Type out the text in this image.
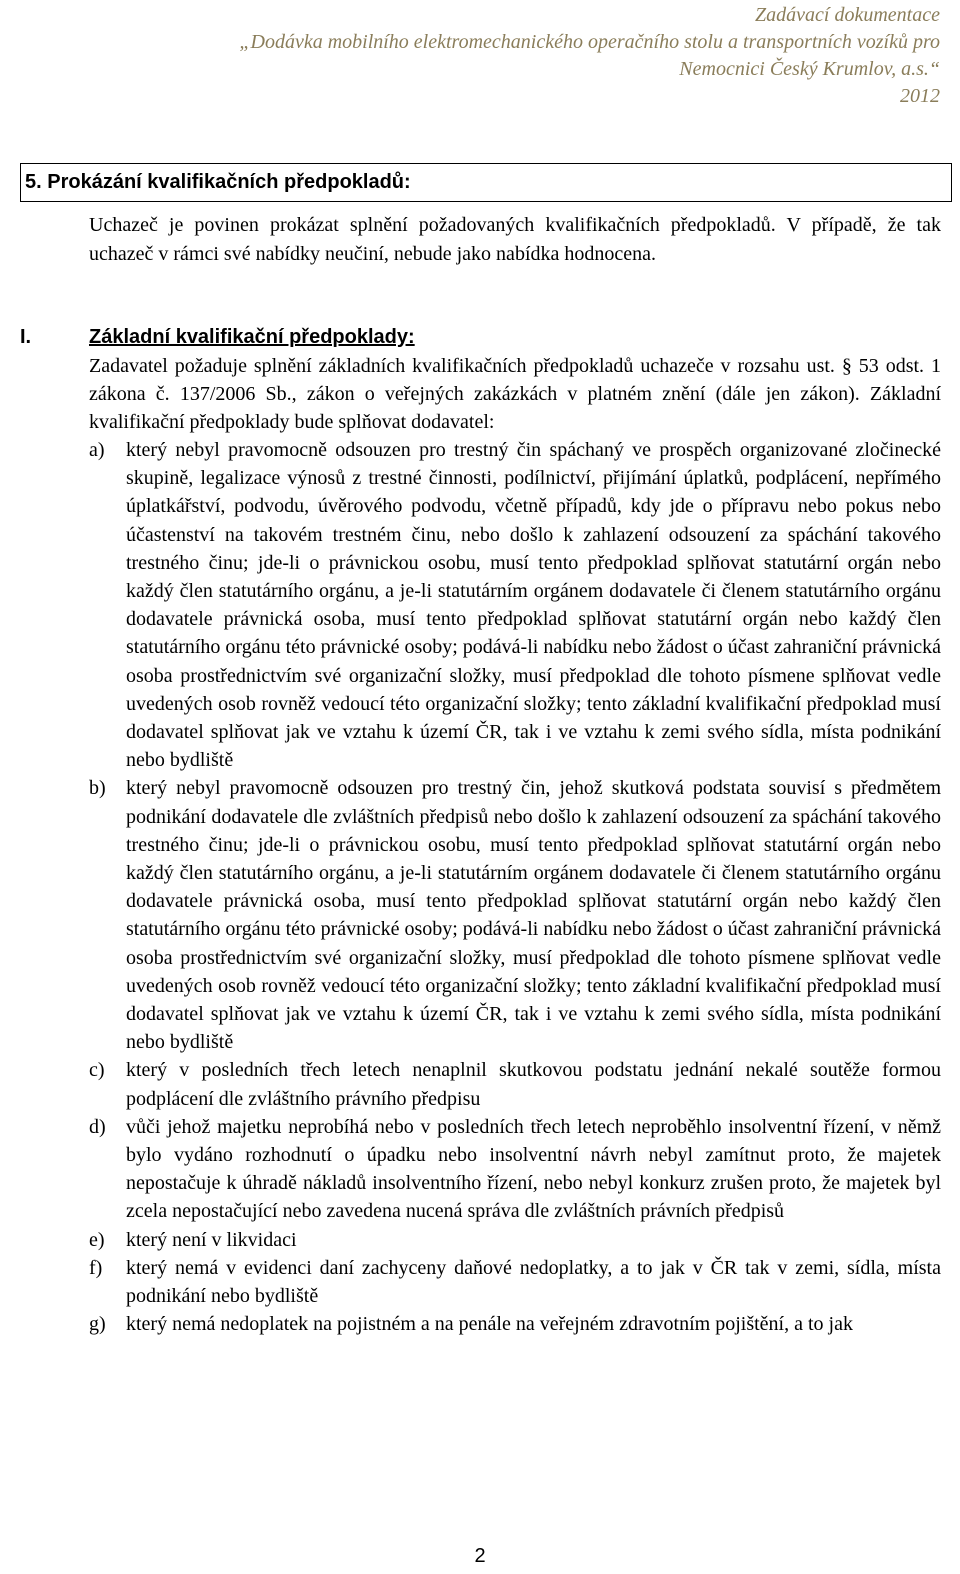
Zadávací dokumentace
„Dodávka mobilního elektromechanického operačního stolu a transportních vozíků pro Nemocnici Český Krumlov, a.s.“
2012
5. Prokázání kvalifikačních předpokladů:
Uchazeč je povinen prokázat splnění požadovaných kvalifikačních předpokladů. V případě, že tak uchazeč v rámci své nabídky neučiní, nebude jako nabídka hodnocena.
I.	Základní kvalifikační předpoklady:
Zadavatel požaduje splnění základních kvalifikačních předpokladů uchazeče v rozsahu ust. § 53 odst. 1 zákona č. 137/2006 Sb., zákon o veřejných zakázkách v platném znění (dále jen zákon). Základní kvalifikační předpoklady bude splňovat dodavatel:
a)	který nebyl pravomocně odsouzen pro trestný čin spáchaný ve prospěch organizované zločinecké skupině, legalizace výnosů z trestné činnosti, podílnictví, přijímání úplatků, podplácení, nepřímého úplatkářství, podvodu, úvěrového podvodu, včetně případů, kdy jde o přípravu nebo pokus nebo účastenství na takovém trestném činu, nebo došlo k zahlazení odsouzení za spáchání takového trestného činu; jde-li o právnickou osobu, musí tento předpoklad splňovat statutární orgán nebo každý člen statutárního orgánu, a je-li statutárním orgánem dodavatele či členem statutárního orgánu dodavatele právnická osoba, musí tento předpoklad splňovat statutární orgán nebo každý člen statutárního orgánu této právnické osoby; podává-li nabídku nebo žádost o účast zahraniční právnická osoba prostřednictvím své organizační složky, musí předpoklad dle tohoto písmene splňovat vedle uvedených osob rovněž vedoucí této organizační složky; tento základní kvalifikační předpoklad musí dodavatel splňovat jak ve vztahu k území ČR, tak i ve vztahu k zemi svého sídla, místa podnikání nebo bydliště
b)	který nebyl pravomocně odsouzen pro trestný čin, jehož skutková podstata souvisí s předmětem podnikání dodavatele dle zvláštních předpisů nebo došlo k zahlazení odsouzení za spáchání takového trestného činu; jde-li o právnickou osobu, musí tento předpoklad splňovat statutární orgán nebo každý člen statutárního orgánu, a je-li statutárním orgánem dodavatele či členem statutárního orgánu dodavatele právnická osoba, musí tento předpoklad splňovat statutární orgán nebo každý člen statutárního orgánu této právnické osoby; podává-li nabídku nebo žádost o účast zahraniční právnická osoba prostřednictvím své organizační složky, musí předpoklad dle tohoto písmene splňovat vedle uvedených osob rovněž vedoucí této organizační složky; tento základní kvalifikační předpoklad musí dodavatel splňovat jak ve vztahu k území ČR, tak i ve vztahu k zemi svého sídla, místa podnikání nebo bydliště
c)	který v posledních třech letech nenaplnil skutkovou podstatu jednání nekalé soutěže formou podplácení dle zvláštního právního předpisu
d)	vůči jehož majetku neprobíhá nebo v posledních třech letech neproběhlo insolventní řízení, v němž bylo vydáno rozhodnutí o úpadku nebo insolventní návrh nebyl zamítnut proto, že majetek nepostačuje k úhradě nákladů insolventního řízení, nebo nebyl konkurz zrušen proto, že majetek byl zcela nepostačující nebo zavedena nucená správa dle zvláštních právních předpisů
e)	který není v likvidaci
f)	který nemá v evidenci daní zachyceny daňové nedoplatky, a to jak v ČR tak v zemi, sídla, místa podnikání nebo bydliště
g)	který nemá nedoplatek na pojistném a na penále na veřejném zdravotním pojištění, a to jak
2
